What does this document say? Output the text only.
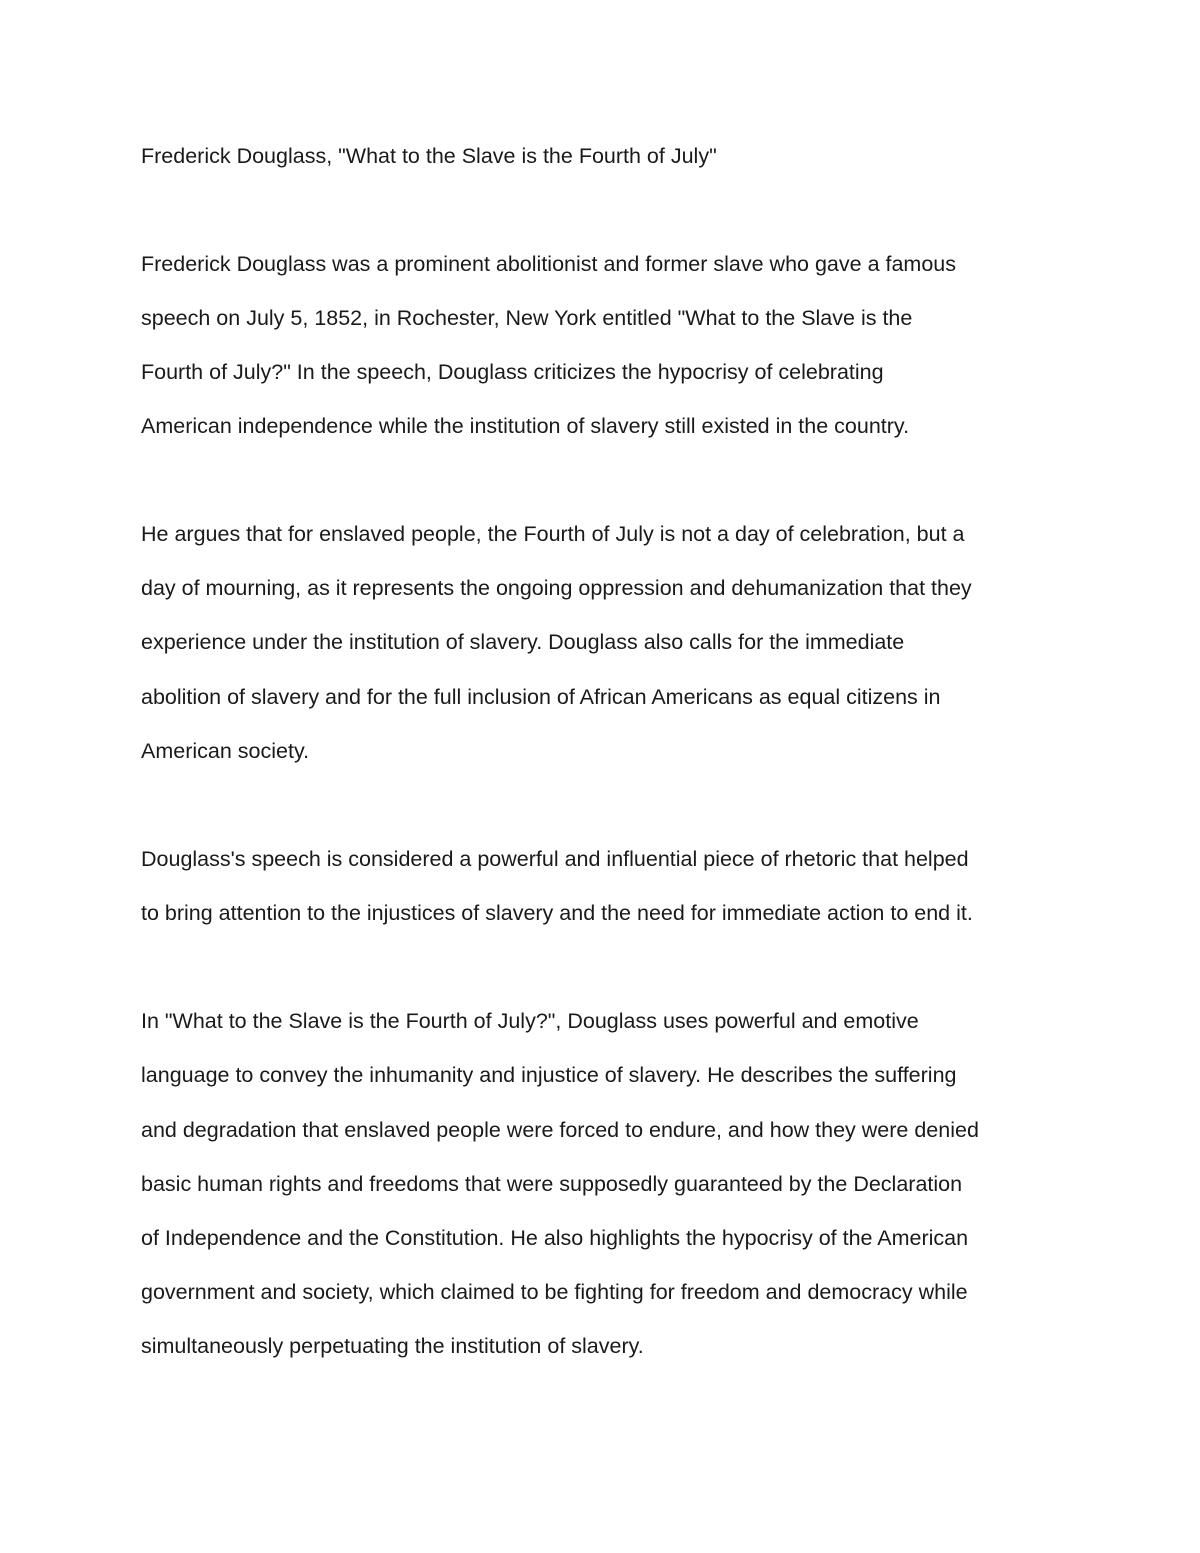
Frederick Douglass, "What to the Slave is the Fourth of July"

Frederick Douglass was a prominent abolitionist and former slave who gave a famous

speech on July 5, 1852, in Rochester, New York entitled "What to the Slave is the

Fourth of July?" In the speech, Douglass criticizes the hypocrisy of celebrating

American independence while the institution of slavery still existed in the country.

He argues that for enslaved people, the Fourth of July is not a day of celebration, but a

day of mourning, as it represents the ongoing oppression and dehumanization that they

experience under the institution of slavery. Douglass also calls for the immediate

abolition of slavery and for the full inclusion of African Americans as equal citizens in

American society.

Douglass's speech is considered a powerful and influential piece of rhetoric that helped

to bring attention to the injustices of slavery and the need for immediate action to end it.

In "What to the Slave is the Fourth of July?", Douglass uses powerful and emotive

language to convey the inhumanity and injustice of slavery. He describes the suffering

and degradation that enslaved people were forced to endure, and how they were denied

basic human rights and freedoms that were supposedly guaranteed by the Declaration

of Independence and the Constitution. He also highlights the hypocrisy of the American

government and society, which claimed to be fighting for freedom and democracy while

simultaneously perpetuating the institution of slavery.
